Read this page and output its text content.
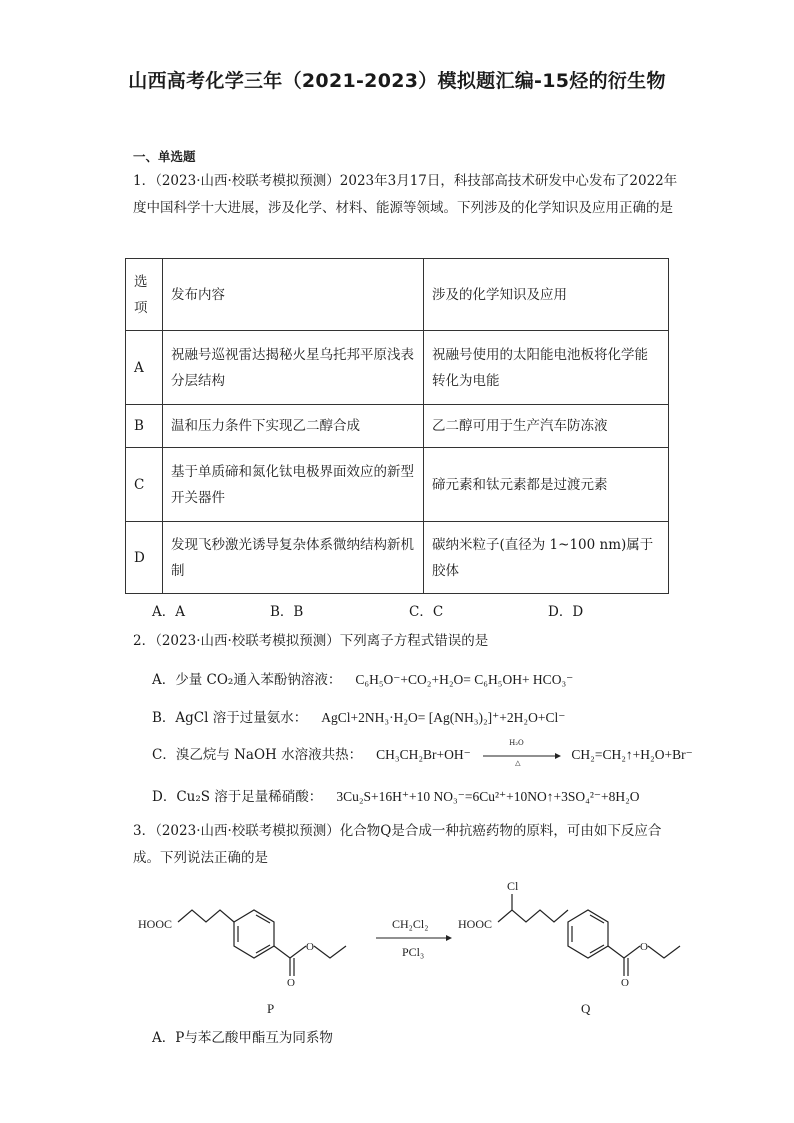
山西高考化学三年（2021-2023）模拟题汇编-15烃的衍生物
一、单选题
1．（2023·山西·校联考模拟预测）2023年3月17日，科技部高技术研发中心发布了2022年度中国科学十大进展，涉及化学、材料、能源等领域。下列涉及的化学知识及应用正确的是
选项	发布内容	涉及的化学知识及应用
A	祝融号巡视雷达揭秘火星乌托邦平原浅表分层结构	祝融号使用的太阳能电池板将化学能转化为电能
B	温和压力条件下实现乙二醇合成	乙二醇可用于生产汽车防冻液
C	基于单质碲和氮化钛电极界面效应的新型开关器件	碲元素和钛元素都是过渡元素
D	发现飞秒激光诱导复杂体系微纳结构新机制	碳纳米粒子(直径为 1~100 nm)属于胶体
A．A	B．B	C．C	D．D
2．（2023·山西·校联考模拟预测）下列离子方程式错误的是
A．少量 CO₂通入苯酚钠溶液： C₆H₅O⁻+CO₂+H₂O= C₆H₅OH+ HCO₃⁻
B．AgCl 溶于过量氨水： AgCl+2NH₃·H₂O= [Ag(NH₃)₂]⁺+2H₂O+Cl⁻
C．溴乙烷与 NaOH 水溶液共热： CH₃CH₂Br+OH⁻
H₂O
△
CH₂=CH₂↑+H₂O+Br⁻
D．Cu₂S 溶于足量稀硝酸： 3Cu₂S+16H⁺+10 NO₃⁻=6Cu²⁺+10NO↑+3SO₄²⁻+8H₂O
3．（2023·山西·校联考模拟预测）化合物Q是合成一种抗癌药物的原料，可由如下反应合成。下列说法正确的是
HOOC
O
O
CH₂Cl₂
PCl₃
HOOC
Cl
O
O
P	Q
A．P与苯乙酸甲酯互为同系物
